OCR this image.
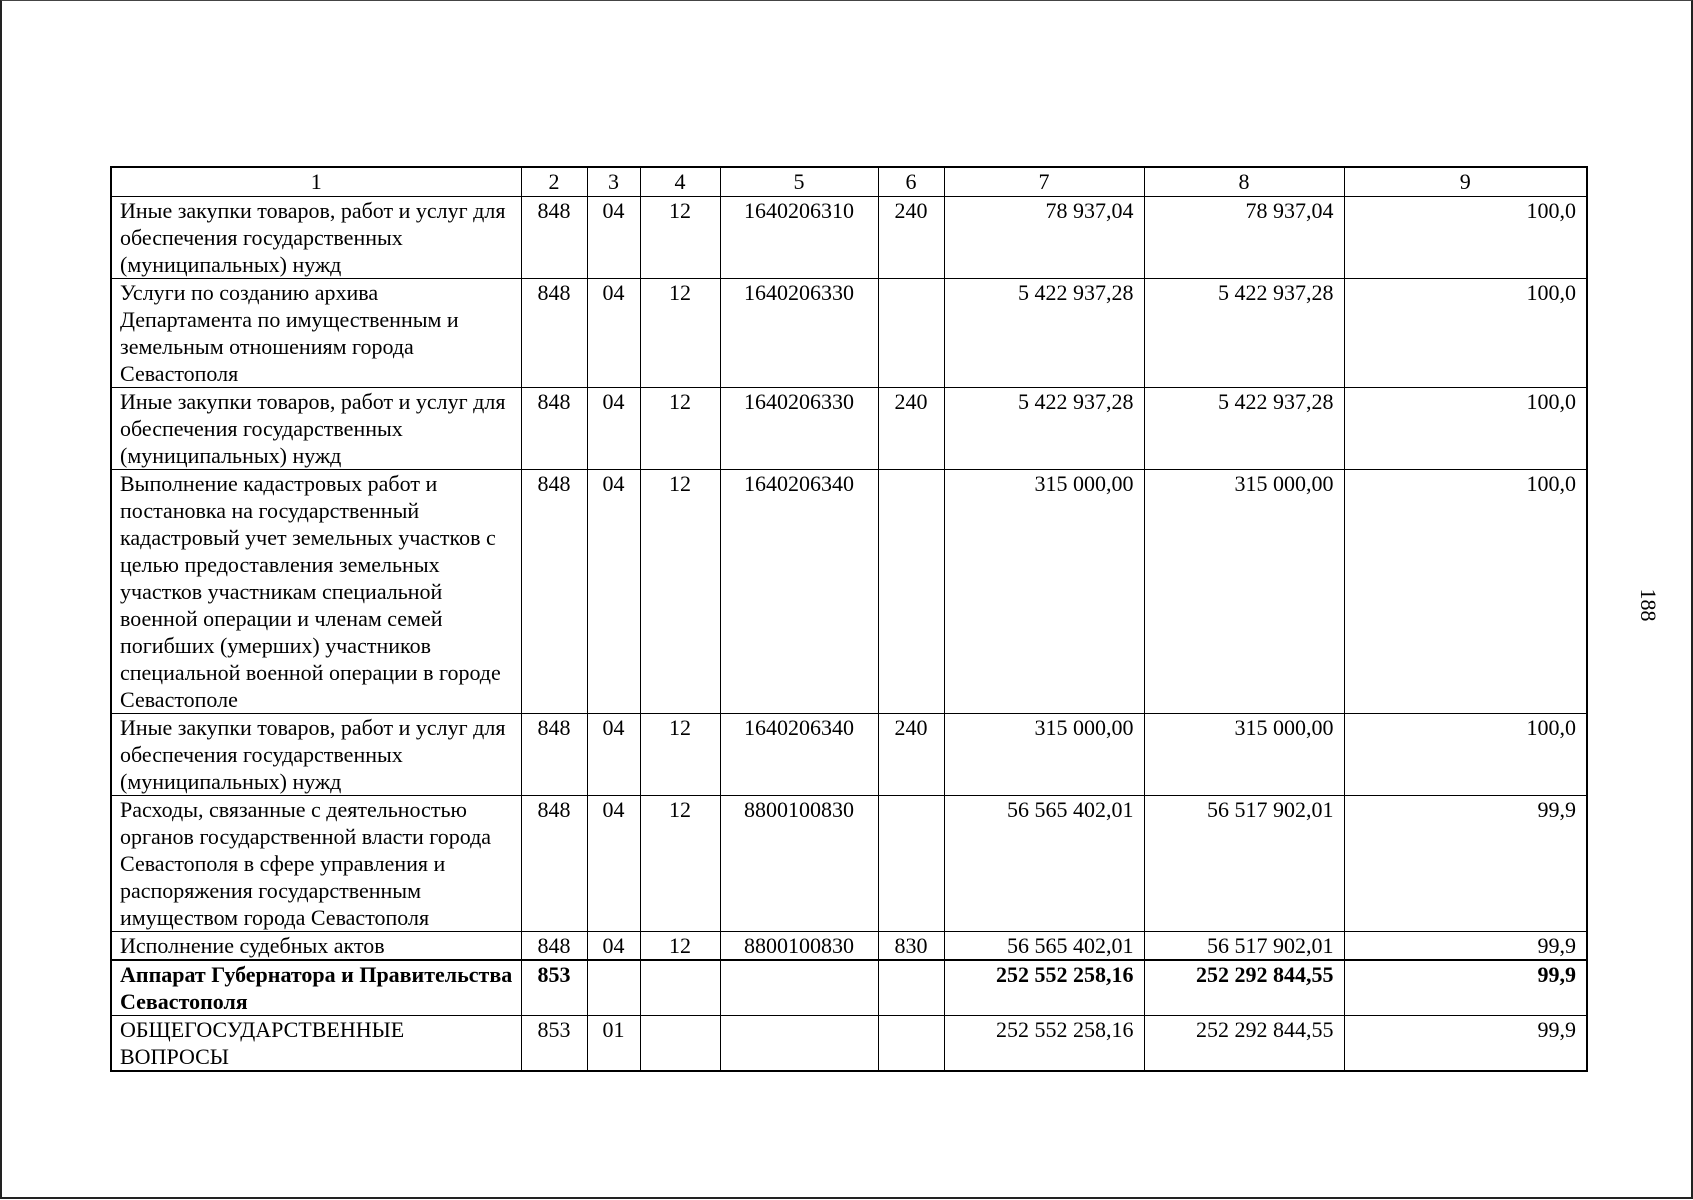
1	2	3	4	5	6	7	8	9
Иные закупки товаров, работ и услуг для обеспечения государственных (муниципальных) нужд	848	04	12	1640206310	240	78 937,04	78 937,04	100,0
Услуги по созданию архива Департамента по имущественным и земельным отношениям города Севастополя	848	04	12	1640206330		5 422 937,28	5 422 937,28	100,0
Иные закупки товаров, работ и услуг для обеспечения государственных (муниципальных) нужд	848	04	12	1640206330	240	5 422 937,28	5 422 937,28	100,0
Выполнение кадастровых работ и постановка на государственный кадастровый учет земельных участков с целью предоставления земельных участков участникам специальной военной операции и членам семей погибших (умерших) участников специальной военной операции в городе Севастополе	848	04	12	1640206340		315 000,00	315 000,00	100,0
Иные закупки товаров, работ и услуг для обеспечения государственных (муниципальных) нужд	848	04	12	1640206340	240	315 000,00	315 000,00	100,0
Расходы, связанные с деятельностью органов государственной власти города Севастополя в сфере управления и распоряжения государственным имуществом города Севастополя	848	04	12	8800100830		56 565 402,01	56 517 902,01	99,9
Исполнение судебных актов	848	04	12	8800100830	830	56 565 402,01	56 517 902,01	99,9
Аппарат Губернатора и Правительства Севастополя	853					252 552 258,16	252 292 844,55	99,9
ОБЩЕГОСУДАРСТВЕННЫЕ ВОПРОСЫ	853	01				252 552 258,16	252 292 844,55	99,9
188
